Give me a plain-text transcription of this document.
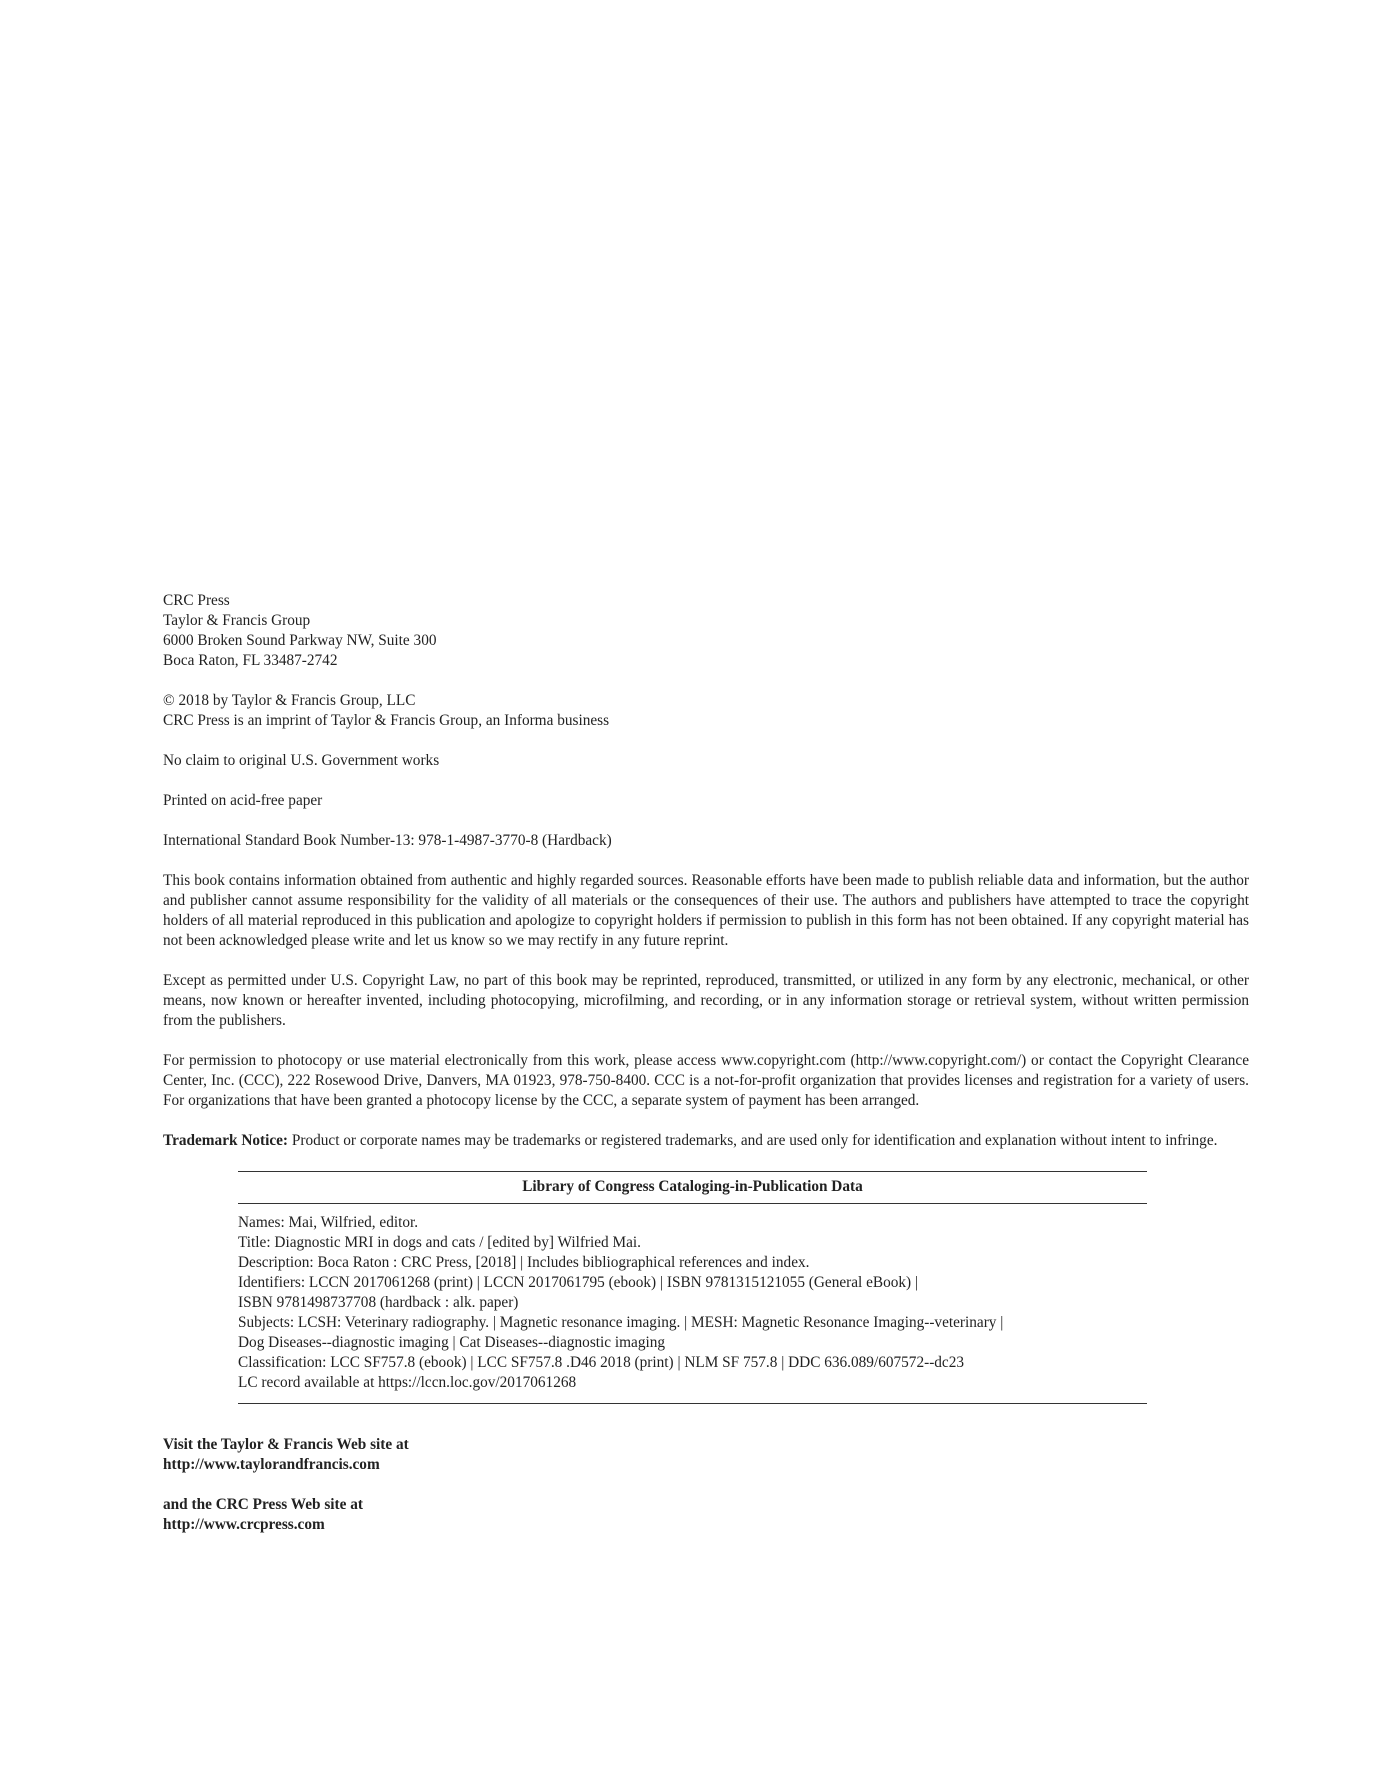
CRC Press
Taylor & Francis Group
6000 Broken Sound Parkway NW, Suite 300
Boca Raton, FL 33487-2742
© 2018 by Taylor & Francis Group, LLC
CRC Press is an imprint of Taylor & Francis Group, an Informa business
No claim to original U.S. Government works
Printed on acid-free paper
International Standard Book Number-13: 978-1-4987-3770-8 (Hardback)
This book contains information obtained from authentic and highly regarded sources. Reasonable efforts have been made to publish reliable data and information, but the author and publisher cannot assume responsibility for the validity of all materials or the consequences of their use. The authors and publishers have attempted to trace the copyright holders of all material reproduced in this publication and apologize to copyright holders if permission to publish in this form has not been obtained. If any copyright material has not been acknowledged please write and let us know so we may rectify in any future reprint.
Except as permitted under U.S. Copyright Law, no part of this book may be reprinted, reproduced, transmitted, or utilized in any form by any electronic, mechanical, or other means, now known or hereafter invented, including photocopying, microfilming, and recording, or in any information storage or retrieval system, without written permission from the publishers.
For permission to photocopy or use material electronically from this work, please access www.copyright.com (http://www.copyright.com/) or contact the Copyright Clearance Center, Inc. (CCC), 222 Rosewood Drive, Danvers, MA 01923, 978-750-8400. CCC is a not-for-profit organization that provides licenses and registration for a variety of users. For organizations that have been granted a photocopy license by the CCC, a separate system of payment has been arranged.
Trademark Notice: Product or corporate names may be trademarks or registered trademarks, and are used only for identification and explanation without intent to infringe.
Library of Congress Cataloging-in-Publication Data
Names: Mai, Wilfried, editor.
Title: Diagnostic MRI in dogs and cats / [edited by] Wilfried Mai.
Description: Boca Raton : CRC Press, [2018] | Includes bibliographical references and index.
Identifiers: LCCN 2017061268 (print) | LCCN 2017061795 (ebook) | ISBN 9781315121055 (General eBook) |
ISBN 9781498737708 (hardback : alk. paper)
Subjects: LCSH: Veterinary radiography. | Magnetic resonance imaging. | MESH: Magnetic Resonance Imaging--veterinary |
Dog Diseases--diagnostic imaging | Cat Diseases--diagnostic imaging
Classification: LCC SF757.8 (ebook) | LCC SF757.8 .D46 2018 (print) | NLM SF 757.8 | DDC 636.089/607572--dc23
LC record available at https://lccn.loc.gov/2017061268
Visit the Taylor & Francis Web site at
http://www.taylorandfrancis.com
and the CRC Press Web site at
http://www.crcpress.com
